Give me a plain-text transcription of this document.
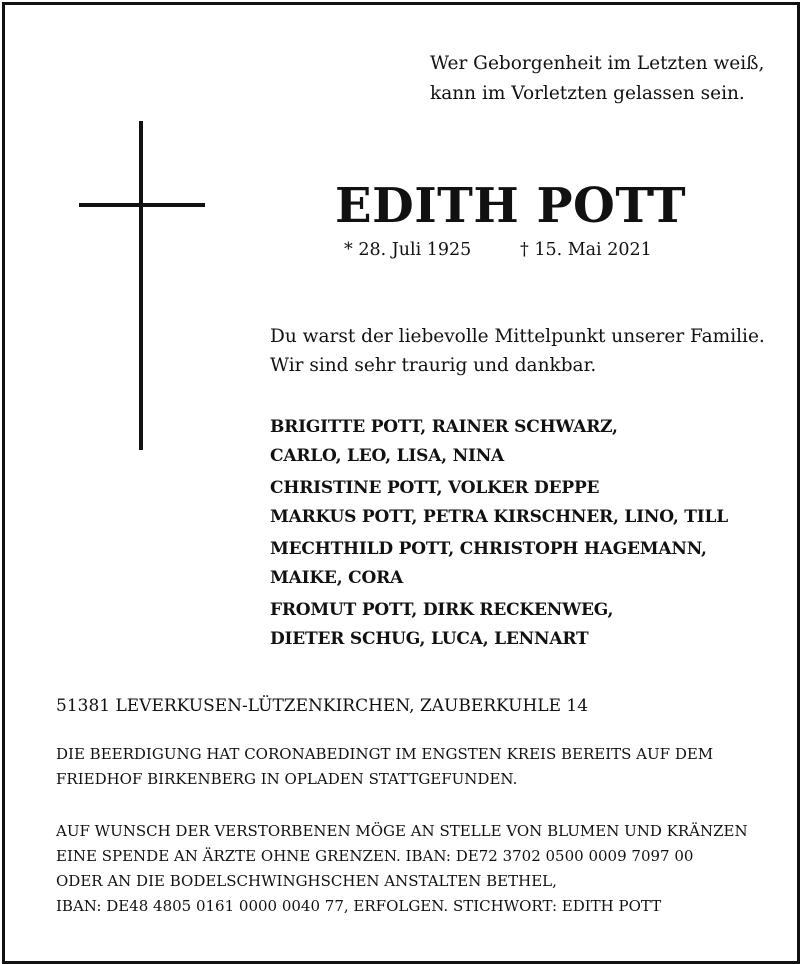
Wer Geborgenheit im Letzten weiß,
kann im Vorletzten gelassen sein.
EDITH POTT
* 28. Juli 1925	† 15. Mai 2021
Du warst der liebevolle Mittelpunkt unserer Familie.
Wir sind sehr traurig und dankbar.
BRIGITTE POTT, RAINER SCHWARZ,
CARLO, LEO, LISA, NINA
CHRISTINE POTT, VOLKER DEPPE
MARKUS POTT, PETRA KIRSCHNER, LINO, TILL
MECHTHILD POTT, CHRISTOPH HAGEMANN,
MAIKE, CORA
FROMUT POTT, DIRK RECKENWEG,
DIETER SCHUG, LUCA, LENNART
51381 LEVERKUSEN-LÜTZENKIRCHEN, ZAUBERKUHLE 14
DIE BEERDIGUNG HAT CORONABEDINGT IM ENGSTEN KREIS BEREITS AUF DEM
FRIEDHOF BIRKENBERG IN OPLADEN STATTGEFUNDEN.
AUF WUNSCH DER VERSTORBENEN MÖGE AN STELLE VON BLUMEN UND KRÄNZEN
EINE SPENDE AN ÄRZTE OHNE GRENZEN. IBAN: DE72 3702 0500 0009 7097 00
ODER AN DIE BODELSCHWINGHSCHEN ANSTALTEN BETHEL,
IBAN: DE48 4805 0161 0000 0040 77, ERFOLGEN. STICHWORT: EDITH POTT
